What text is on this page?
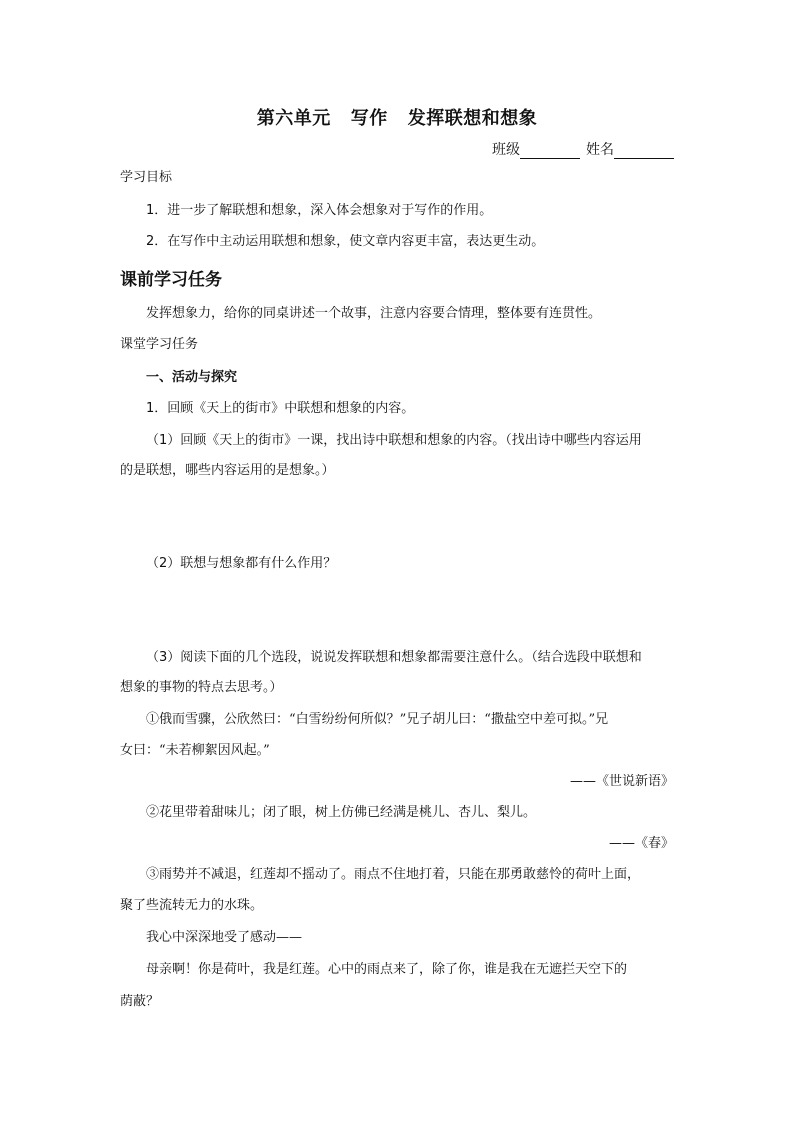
第六单元 写作 发挥联想和想象
班级	姓名
学习目标
1．进一步了解联想和想象，深入体会想象对于写作的作用。
2．在写作中主动运用联想和想象，使文章内容更丰富，表达更生动。
课前学习任务
发挥想象力，给你的同桌讲述一个故事，注意内容要合情理，整体要有连贯性。
课堂学习任务
一、活动与探究
1．回顾《天上的街市》中联想和想象的内容。
（1）回顾《天上的街市》一课，找出诗中联想和想象的内容。（找出诗中哪些内容运用
的是联想，哪些内容运用的是想象。）
（2）联想与想象都有什么作用？
（3）阅读下面的几个选段，说说发挥联想和想象都需要注意什么。（结合选段中联想和
想象的事物的特点去思考。）
①俄而雪骤，公欣然曰：“白雪纷纷何所似？”兄子胡儿曰：“撒盐空中差可拟。”兄
女曰：“未若柳絮因风起。”
——《世说新语》
②花里带着甜味儿；闭了眼，树上仿佛已经满是桃儿、杏儿、梨儿。
——《春》
③雨势并不减退，红莲却不摇动了。雨点不住地打着，只能在那勇敢慈怜的荷叶上面，
聚了些流转无力的水珠。
我心中深深地受了感动——
母亲啊！你是荷叶，我是红莲。心中的雨点来了，除了你，谁是我在无遮拦天空下的
荫蔽？
